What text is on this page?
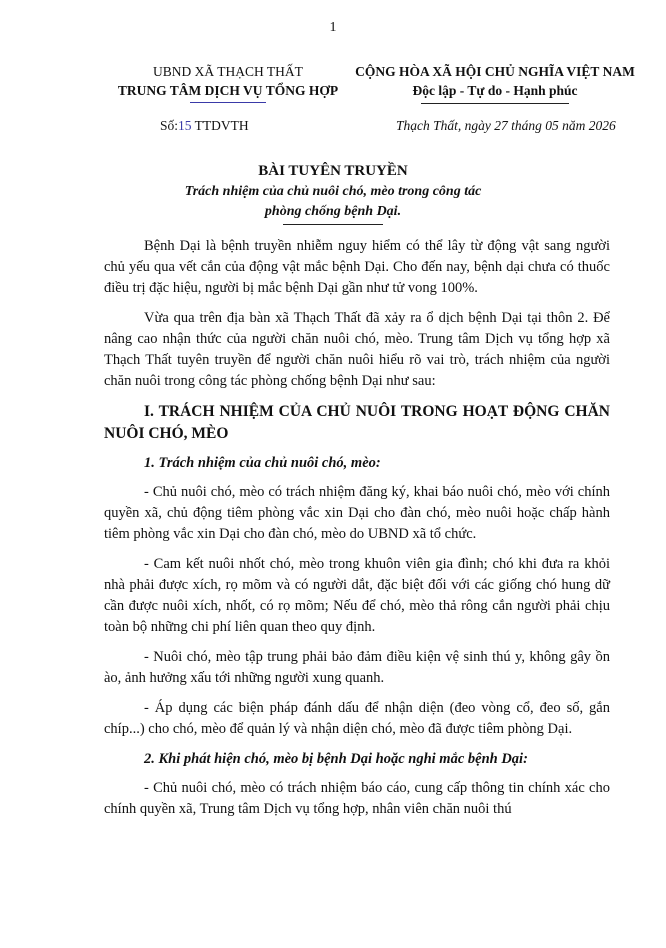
1
UBND XÃ THẠCH THẤT
TRUNG TÂM DỊCH VỤ TỔNG HỢP
CỘNG HÒA XÃ HỘI CHỦ NGHĨA VIỆT NAM
Độc lập - Tự do - Hạnh phúc
Số:15 TTDVTH	Thạch Thất, ngày 27 tháng 05 năm 2026
BÀI TUYÊN TRUYỀN
Trách nhiệm của chủ nuôi chó, mèo trong công tác phòng chống bệnh Dại.

Bệnh Dại là bệnh truyền nhiễm nguy hiểm có thể lây từ động vật sang người chủ yếu qua vết cắn của động vật mắc bệnh Dại. Cho đến nay, bệnh dại chưa có thuốc điều trị đặc hiệu, người bị mắc bệnh Dại gần như tử vong 100%.

Vừa qua trên địa bàn xã Thạch Thất đã xảy ra ổ dịch bệnh Dại tại thôn 2. Để nâng cao nhận thức của người chăn nuôi chó, mèo. Trung tâm Dịch vụ tổng hợp xã Thạch Thất tuyên truyền để người chăn nuôi hiểu rõ vai trò, trách nhiệm của người chăn nuôi trong công tác phòng chống bệnh Dại như sau:

I. TRÁCH NHIỆM CỦA CHỦ NUÔI TRONG HOẠT ĐỘNG CHĂN NUÔI CHÓ, MÈO
1. Trách nhiệm của chủ nuôi chó, mèo:

- Chủ nuôi chó, mèo có trách nhiệm đăng ký, khai báo nuôi chó, mèo với chính quyền xã, chủ động tiêm phòng vắc xin Dại cho đàn chó, mèo nuôi hoặc chấp hành tiêm phòng vắc xin Dại cho đàn chó, mèo do UBND xã tổ chức.

- Cam kết nuôi nhốt chó, mèo trong khuôn viên gia đình; chó khi đưa ra khỏi nhà phải được xích, rọ mõm và có người dắt, đặc biệt đối với các giống chó hung dữ cần được nuôi xích, nhốt, có rọ mõm; Nếu để chó, mèo thả rông cắn người phải chịu toàn bộ những chi phí liên quan theo quy định.

- Nuôi chó, mèo tập trung phải bảo đảm điều kiện vệ sinh thú y, không gây ồn ào, ảnh hưởng xấu tới những người xung quanh.

- Áp dụng các biện pháp đánh dấu để nhận diện (đeo vòng cổ, đeo số, gắn chíp...) cho chó, mèo để quản lý và nhận diện chó, mèo đã được tiêm phòng Dại.

2. Khi phát hiện chó, mèo bị bệnh Dại hoặc nghi mắc bệnh Dại:

- Chủ nuôi chó, mèo có trách nhiệm báo cáo, cung cấp thông tin chính xác cho chính quyền xã, Trung tâm Dịch vụ tổng hợp, nhân viên chăn nuôi thú
